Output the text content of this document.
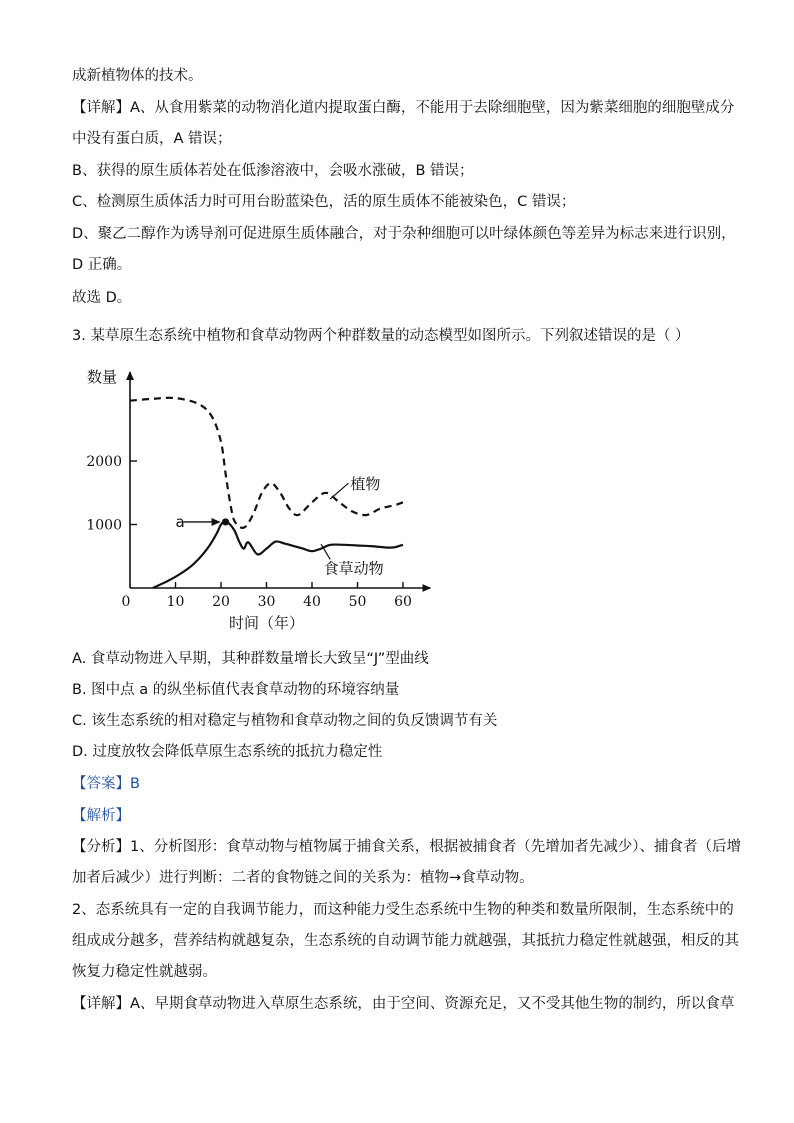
成新植物体的技术。
【详解】A、从食用紫菜的动物消化道内提取蛋白酶，不能用于去除细胞壁，因为紫菜细胞的细胞壁成分
中没有蛋白质，A 错误；
B、获得的原生质体若处在低渗溶液中，会吸水涨破，B 错误；
C、检测原生质体活力时可用台盼蓝染色，活的原生质体不能被染色，C 错误；
D、聚乙二醇作为诱导剂可促进原生质体融合，对于杂种细胞可以叶绿体颜色等差异为标志来进行识别，
D 正确。
故选 D。
3. 某草原生态系统中植物和食草动物两个种群数量的动态模型如图所示。下列叙述错误的是（ ）
1000
2000
0	10 20 30 40 50 60
数量
时间（年）
植物
食草动物
a
A. 食草动物进入早期，其种群数量增长大致呈“J”型曲线
B. 图中点 a 的纵坐标值代表食草动物的环境容纳量
C. 该生态系统的相对稳定与植物和食草动物之间的负反馈调节有关
D. 过度放牧会降低草原生态系统的抵抗力稳定性
【答案】B
【解析】
【分析】1、分析图形：食草动物与植物属于捕食关系，根据被捕食者（先增加者先减少）、捕食者（后增
加者后减少）进行判断：二者的食物链之间的关系为：植物→食草动物。
2、态系统具有一定的自我调节能力，而这种能力受生态系统中生物的种类和数量所限制，生态系统中的
组成成分越多，营养结构就越复杂，生态系统的自动调节能力就越强，其抵抗力稳定性就越强，相反的其
恢复力稳定性就越弱。
【详解】A、早期食草动物进入草原生态系统，由于空间、资源充足，又不受其他生物的制约，所以食草
